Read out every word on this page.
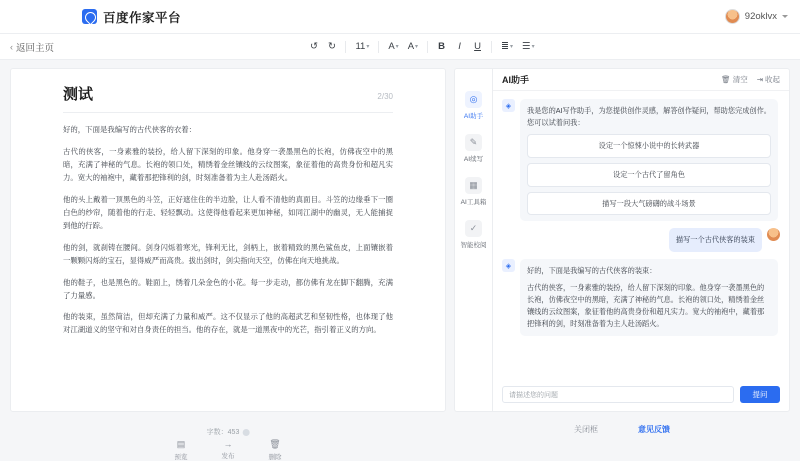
百度作家平台	92oklvx
‹ 返回主页	↺ ↻ 11 ▾ A ▾ A ▾ B I U ≣ ▾ ☰ ▾
测试	2/30

好的，下面是我编写的古代侠客的衣着：

古代的侠客，一身素雅的装扮，给人留下深刻的印象。他身穿一袭墨黑色的长袍，仿佛夜空中的黑暗，充满了神秘的气息。长袍的领口处，精绣着金丝镶线的云纹图案，象征着他的高贵身份和超凡实力。宽大的袖袍中，藏着那把锋利的剑，时刻准备着为主人赴汤蹈火。

他的头上戴着一顶黑色的斗笠，正好遮住住的半边脸，让人看不清他的真面目。斗笠的边缘垂下一圈白色的纱帘，随着他的行走、轻轻飘动。这使得他看起来更加神秘，如同江湖中的幽灵，无人能捕捉到他的行踪。

他的剑，就刹铸在腰间。剑身闪烁着寒光，锋利无比，剑柄上，嵌着精致的黑色鲨鱼皮，上面镶嵌着一颗颗闪烁的宝石，显得威严而高贵。拔出剑时，剑尖指向天空，仿佛在向天地挑战。

他的鞋子，也是黑色的。鞋面上，绣着几朵金色的小花。每一步走动，都仿佛有龙在脚下翻腾，充满了力量感。

他的装束，虽然简洁，但却充满了力量和威严。这不仅显示了他的高超武艺和坚韧性格，也体现了他对江湖道义的坚守和对自身责任的担当。他的存在，就是一道黑夜中的光芒，指引着正义的方向。

◎
AI助手
✎
AI续写
▦
AI工具箱
✓
智能校阅
AI助手	🗑 清空 ⇥ 收起
◈	我是您的AI写作助手，为您提供创作灵感，解答创作疑问，帮助您完成创作。您可以试着问我：

设定一个惊悚小说中的长转武器
设定一个古代了留角色
描写一段大气磅礴的战斗场景
描写一个古代侠客的装束
◈	好的，下面是我编写的古代侠客的装束：

古代的侠客，一身素雅的装扮，给人留下深刻的印象。他身穿一袭墨黑色的长袍，仿佛夜空中的黑暗，充满了神秘的气息。长袍的领口处，精绣着金丝镶线的云纹图案，象征着他的高贵身份和超凡实力。宽大的袖袍中，藏着那把锋利的剑，时刻准备着为主人赴汤蹈火。

请描述您的问题	提问
字数：453
▤
预览
→
发布
🗑
删除
关闭框	意见反馈
